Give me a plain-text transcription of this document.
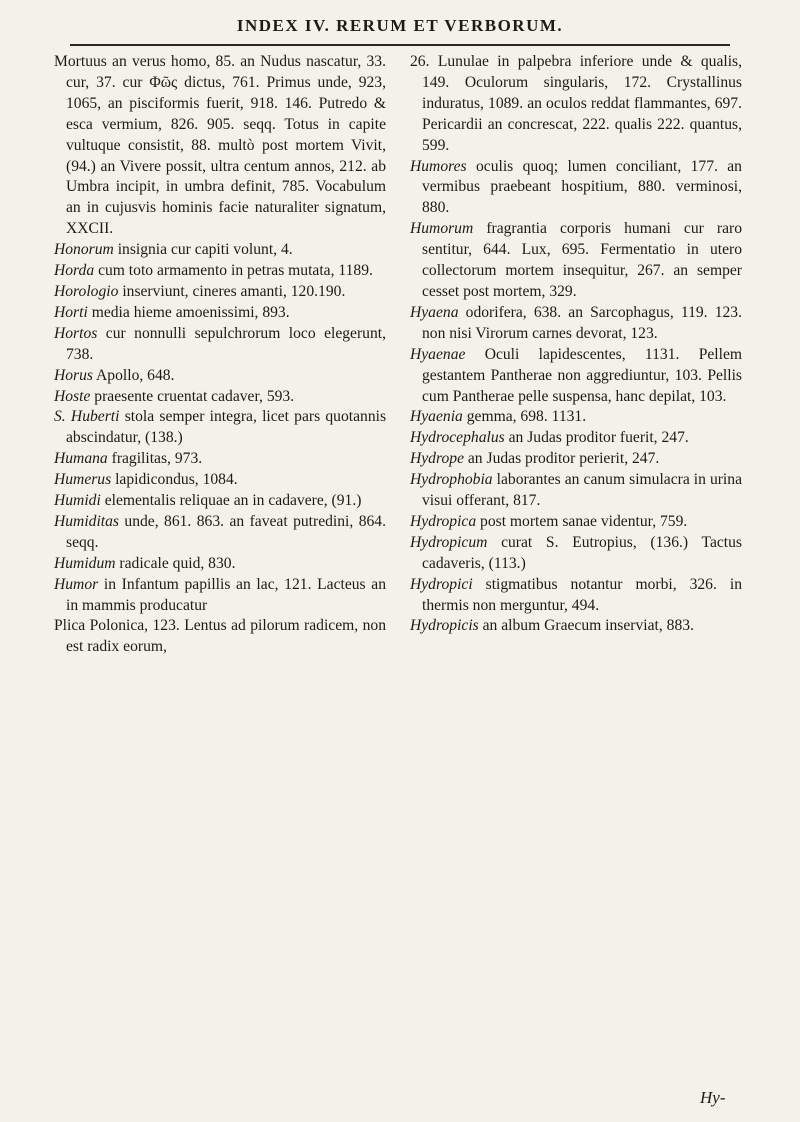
INDEX IV. RERUM ET VERBORUM.

Mortuus an verus homo, 85. an Nudus nascatur, 33. cur, 37. cur Φῶς dictus, 761. Primus unde, 923, 1065, an pisciformis fuerit, 918. 146. Putredo & esca vermium, 826. 905. seqq. Totus in capite vultuque consistit, 88. multò post mortem Vivit, (94.) an Vivere possit, ultra centum annos, 212. ab Umbra incipit, in umbra definit, 785. Vocabulum an in cujusvis hominis facie naturaliter signatum, XXCII.

Honorum insignia cur capiti volunt, 4.

Horda cum toto armamento in petras mutata, 1189.

Horologio inserviunt, cineres amanti, 120.190.

Horti media hieme amoenissimi, 893.

Hortos cur nonnulli sepulchrorum loco elegerunt, 738.

Horus Apollo, 648.

Hoste praesente cruentat cadaver, 593.

S. Huberti stola semper integra, licet pars quotannis abscindatur, (138.)

Humana fragilitas, 973.

Humerus lapidicondus, 1084.

Humidi elementalis reliquae an in cadavere, (91.)

Humiditas unde, 861. 863. an faveat putredini, 864. seqq.

Humidum radicale quid, 830.

Humor in Infantum papillis an lac, 121. Lacteus an in mammis producatur

Plica Polonica, 123. Lentus ad pilorum radicem, non est radix eorum,

26. Lunulae in palpebra inferiore unde & qualis, 149. Oculorum singularis, 172. Crystallinus induratus, 1089. an oculos reddat flammantes, 697. Pericardii an concrescat, 222. qualis 222. quantus, 599.

Humores oculis quoq; lumen conciliant, 177. an vermibus praebeant hospitium, 880. verminosi, 880.

Humorum fragrantia corporis humani cur raro sentitur, 644. Lux, 695. Fermentatio in utero collectorum mortem insequitur, 267. an semper cesset post mortem, 329.

Hyaena odorifera, 638. an Sarcophagus, 119. 123. non nisi Virorum carnes devorat, 123.

Hyaenae Oculi lapidescentes, 1131. Pellem gestantem Pantherae non aggrediuntur, 103. Pellis cum Pantherae pelle suspensa, hanc depilat, 103.

Hyaenia gemma, 698. 1131.

Hydrocephalus an Judas proditor fuerit, 247.

Hydrope an Judas proditor perierit, 247.

Hydrophobia laborantes an canum simulacra in urina visui offerant, 817.

Hydropica post mortem sanae videntur, 759.

Hydropicum curat S. Eutropius, (136.) Tactus cadaveris, (113.)

Hydropici stigmatibus notantur morbi, 326. in thermis non merguntur, 494.

Hydropicis an album Graecum inserviat, 883.

Hy-
